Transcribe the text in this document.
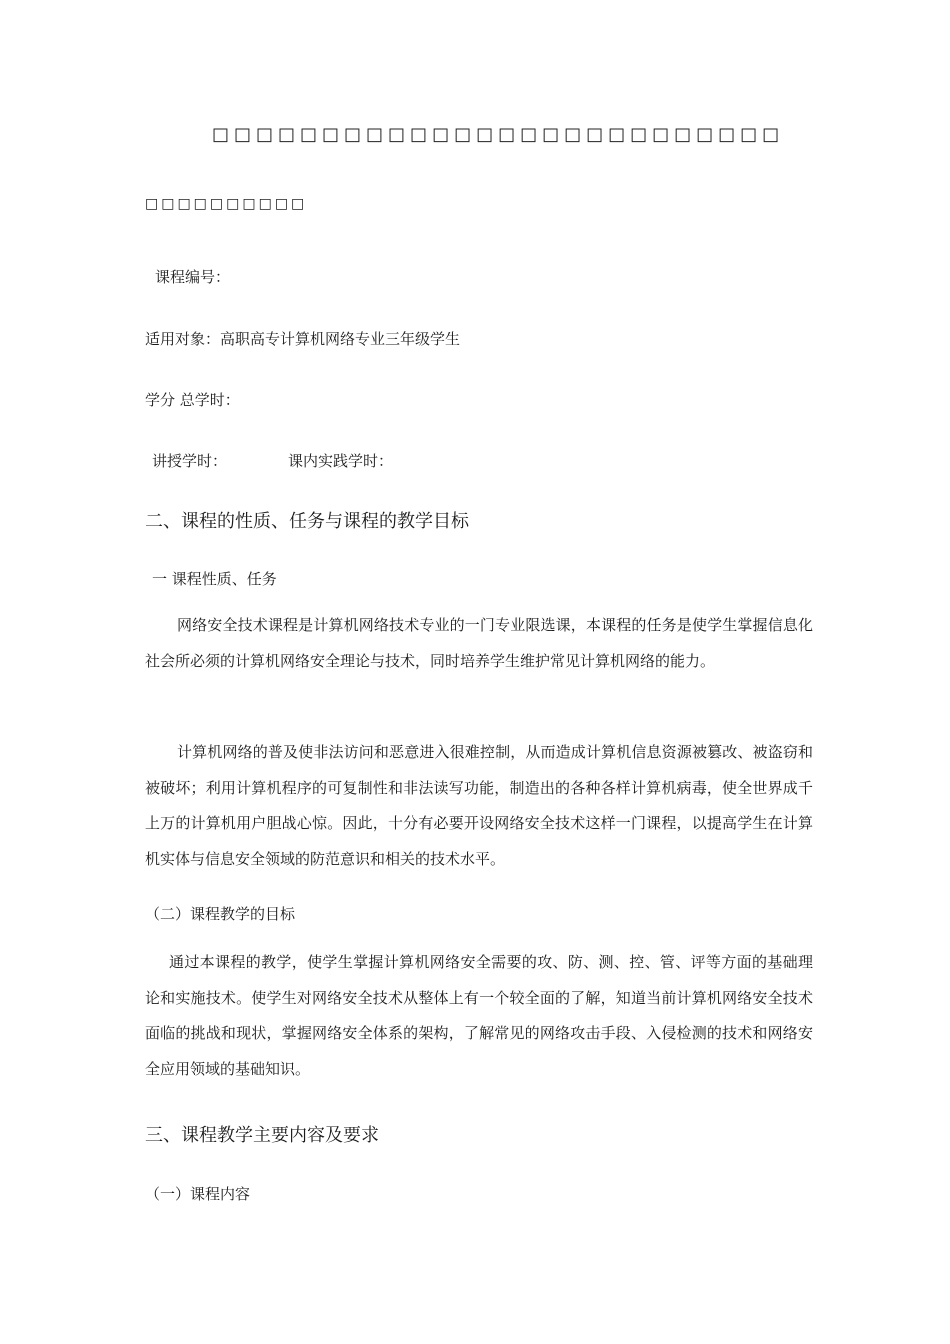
□□□□□□□□□□□□□□□□□□□□□□□□□□
□□□□□□□□□□
课程编号：
适用对象：高职高专计算机网络专业三年级学生
学分 总学时：
讲授学时：	课内实践学时：
二、课程的性质、任务与课程的教学目标
一 课程性质、任务
网络安全技术课程是计算机网络技术专业的一门专业限选课，本课程的任务是使学生掌握信息化社会所必须的计算机网络安全理论与技术，同时培养学生维护常见计算机网络的能力。
计算机网络的普及使非法访问和恶意进入很难控制，从而造成计算机信息资源被篡改、被盗窃和被破坏；利用计算机程序的可复制性和非法读写功能，制造出的各种各样计算机病毒，使全世界成千上万的计算机用户胆战心惊。因此，十分有必要开设网络安全技术这样一门课程，以提高学生在计算机实体与信息安全领域的防范意识和相关的技术水平。
（二）课程教学的目标
通过本课程的教学，使学生掌握计算机网络安全需要的攻、防、测、控、管、评等方面的基础理论和实施技术。使学生对网络安全技术从整体上有一个较全面的了解，知道当前计算机网络安全技术面临的挑战和现状，掌握网络安全体系的架构，了解常见的网络攻击手段、入侵检测的技术和网络安全应用领域的基础知识。
三、课程教学主要内容及要求
（一）课程内容
